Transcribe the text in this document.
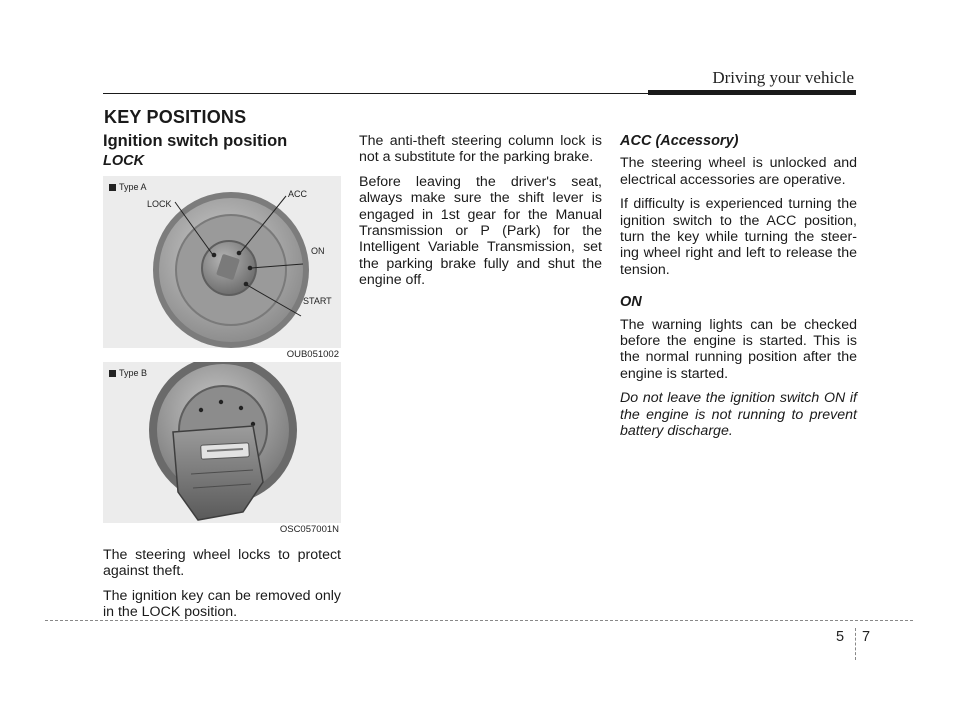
Driving your vehicle
KEY POSITIONS
Ignition switch position
LOCK
Type A
LOCK
ACC
ON
START
OUB051002
Type B
OSC057001N

The steering wheel locks to protect against theft.

The ignition key can be removed only in the LOCK position.

The anti-theft steering column lock is not a substitute for the parking brake.

Before leaving the driver's seat, always make sure the shift lever is engaged in 1st gear for the Manual Transmission or P (Park) for the Intelligent Variable Transmission, set the parking brake fully and shut the engine off.

ACC (Accessory)

The steering wheel is unlocked and electrical accessories are operative.

If difficulty is experienced turning the ignition switch to the ACC position, turn the key while turning the steer-ing wheel right and left to release the tension.

ON

The warning lights can be checked before the engine is started. This is the normal running position after the engine is started.

Do not leave the ignition switch ON if the engine is not running to prevent battery discharge.

5 7
